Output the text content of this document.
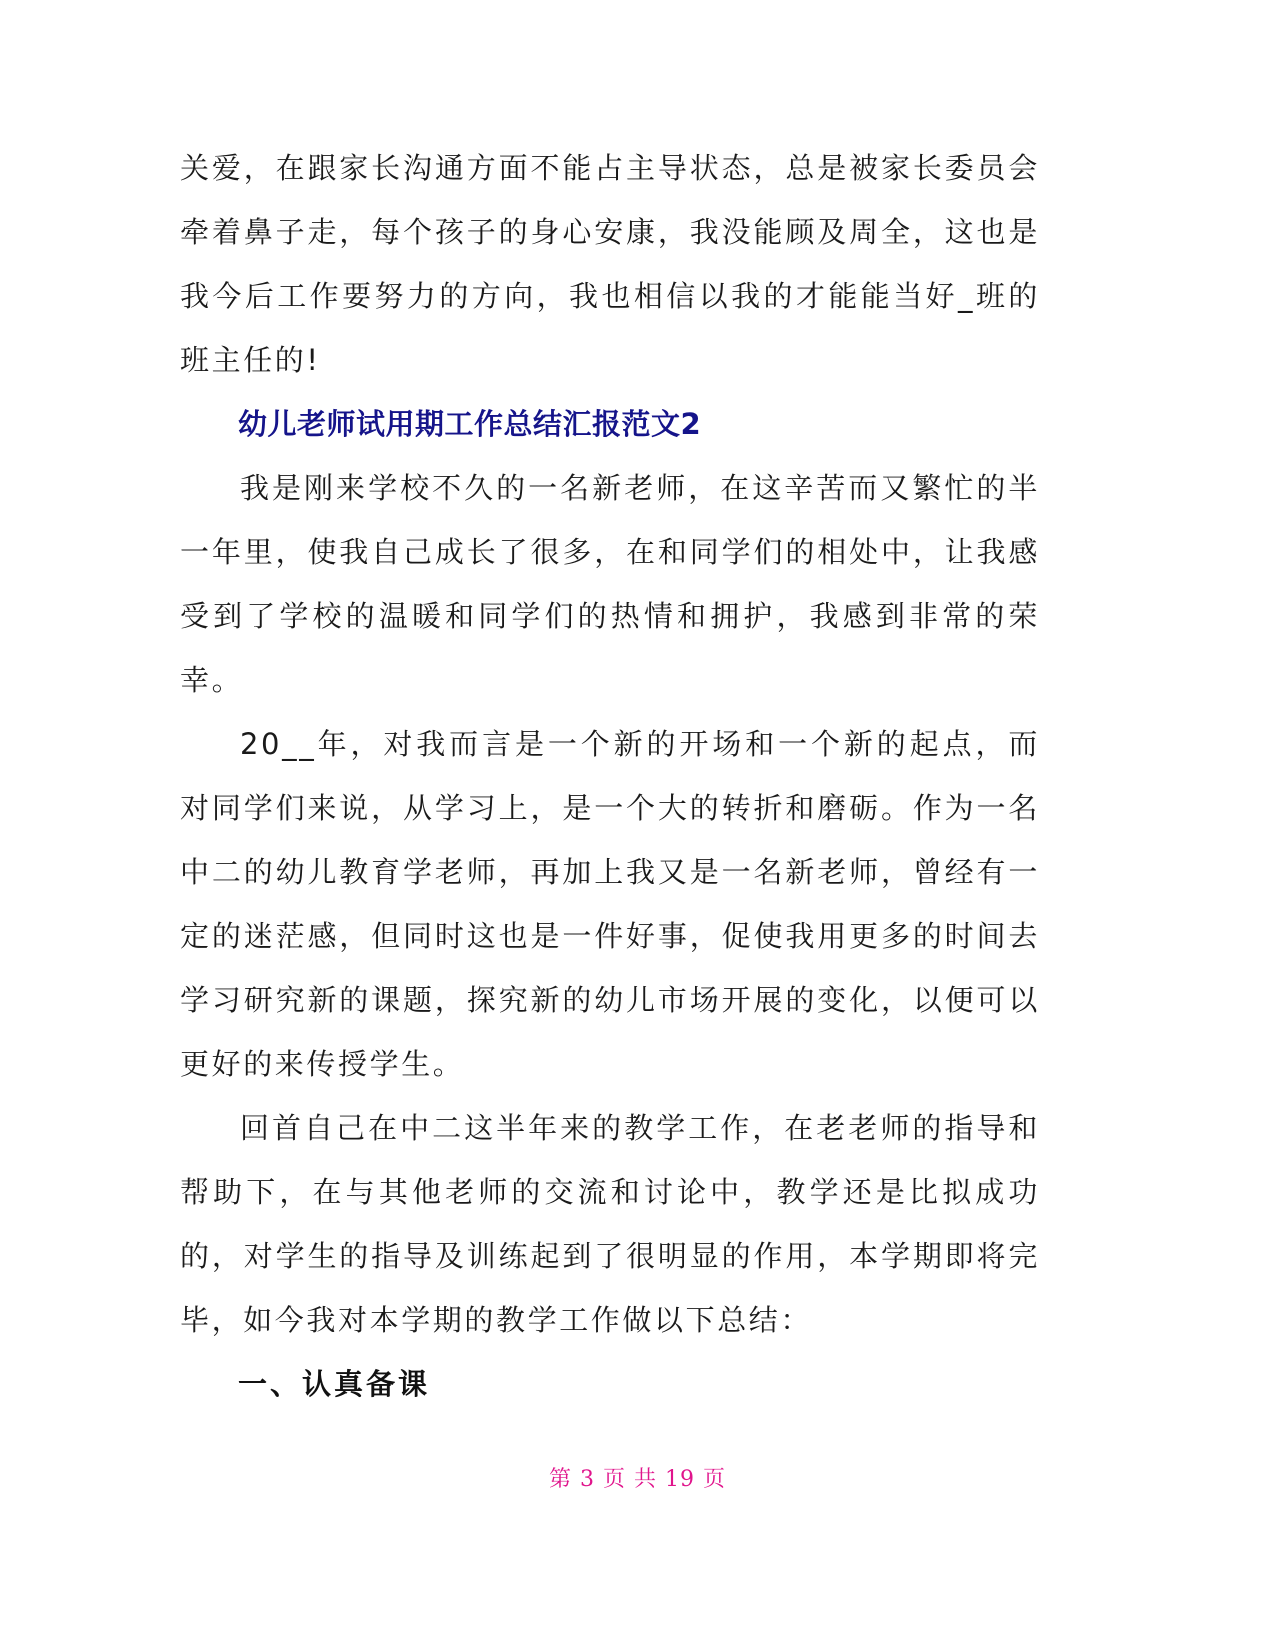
关爱，在跟家长沟通方面不能占主导状态，总是被家长委员会牵着鼻子走，每个孩子的身心安康，我没能顾及周全，这也是我今后工作要努力的方向，我也相信以我的才能能当好_班的班主任的!

幼儿老师试用期工作总结汇报范文2

我是刚来学校不久的一名新老师，在这辛苦而又繁忙的半一年里，使我自己成长了很多，在和同学们的相处中，让我感受到了学校的温暖和同学们的热情和拥护，我感到非常的荣幸。

20__年，对我而言是一个新的开场和一个新的起点，而对同学们来说，从学习上，是一个大的转折和磨砺。作为一名中二的幼儿教育学老师，再加上我又是一名新老师，曾经有一定的迷茫感，但同时这也是一件好事，促使我用更多的时间去学习研究新的课题，探究新的幼儿市场开展的变化，以便可以更好的来传授学生。

回首自己在中二这半年来的教学工作，在老老师的指导和帮助下，在与其他老师的交流和讨论中，教学还是比拟成功的，对学生的指导及训练起到了很明显的作用，本学期即将完毕，如今我对本学期的教学工作做以下总结：

一、认真备课

第 3 页 共 19 页
